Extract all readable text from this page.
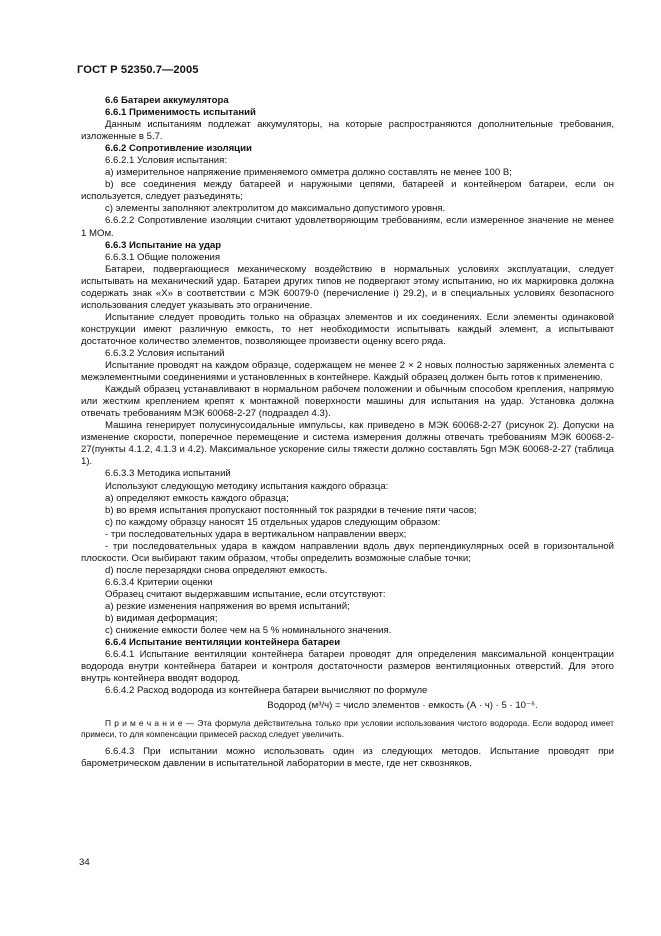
ГОСТ Р 52350.7—2005
6.6 Батареи аккумулятора
6.6.1 Применимость испытаний
Данным испытаниям подлежат аккумуляторы, на которые распространяются дополнительные требования, изложенные в 5.7.
6.6.2 Сопротивление изоляции
6.6.2.1 Условия испытания:
a) измерительное напряжение применяемого омметра должно составлять не менее 100 В;
b) все соединения между батареей и наружными цепями, батареей и контейнером батареи, если он используется, следует разъединять;
c) элементы заполняют электролитом до максимально допустимого уровня.
6.6.2.2 Сопротивление изоляции считают удовлетворяющим требованиям, если измеренное значение не менее 1 МОм.
6.6.3 Испытание на удар
6.6.3.1 Общие положения
Батареи, подвергающиеся механическому воздействию в нормальных условиях эксплуатации, следует испытывать на механический удар. Батареи других типов не подвергают этому испытанию, но их маркировка должна содержать знак «X» в соответствии с МЭК 60079-0 (перечисление i) 29.2), и в специальных условиях безопасного использования следует указывать это ограничение.
Испытание следует проводить только на образцах элементов и их соединениях. Если элементы одинаковой конструкции имеют различную емкость, то нет необходимости испытывать каждый элемент, а испытывают достаточное количество элементов, позволяющее произвести оценку всего ряда.
6.6.3.2 Условия испытаний
Испытание проводят на каждом образце, содержащем не менее 2 × 2 новых полностью заряженных элемента с межэлементными соединениями и установленных в контейнере. Каждый образец должен быть готов к применению.
Каждый образец устанавливают в нормальном рабочем положении и обычным способом крепления, напрямую или жестким креплением крепят к монтажной поверхности машины для испытания на удар. Установка должна отвечать требованиям МЭК 60068-2-27 (подраздел 4.3).
Машина генерирует полусинусоидальные импульсы, как приведено в МЭК 60068-2-27 (рисунок 2). Допуски на изменение скорости, поперечное перемещение и система измерения должны отвечать требованиям МЭК 60068-2-27(пункты 4.1.2, 4.1.3 и 4.2). Максимальное ускорение силы тяжести должно составлять 5gn МЭК 60068-2-27 (таблица 1).
6.6.3.3 Методика испытаний
Используют следующую методику испытания каждого образца:
a) определяют емкость каждого образца;
b) во время испытания пропускают постоянный ток разрядки в течение пяти часов;
c) по каждому образцу наносят 15 отдельных ударов следующим образом:
- три последовательных удара в вертикальном направлении вверх;
- три последовательных удара в каждом направлении вдоль двух перпендикулярных осей в горизонтальной плоскости. Оси выбирают таким образом, чтобы определить возможные слабые точки;
d) после перезарядки снова определяют емкость.
6.6.3.4 Критерии оценки
Образец считают выдержавшим испытание, если отсутствуют:
a) резкие изменения напряжения во время испытаний;
b) видимая деформация;
c) снижение емкости более чем на 5 % номинального значения.
6.6.4 Испытание вентиляции контейнера батареи
6.6.4.1 Испытание вентиляции контейнера батареи проводят для определения максимальной концентрации водорода внутри контейнера батареи и контроля достаточности размеров вентиляционных отверстий. Для этого внутрь контейнера вводят водород.
6.6.4.2 Расход водорода из контейнера батареи вычисляют по формуле
Водород (м³/ч) = число элементов · емкость (А · ч) · 5 · 10⁻⁶.
П р и м е ч а н и е — Эта формула действительна только при условии использования чистого водорода. Если водород имеет примеси, то для компенсации примесей расход следует увеличить.
6.6.4.3 При испытании можно использовать один из следующих методов. Испытание проводят при барометрическом давлении в испытательной лаборатории в месте, где нет сквозняков.
34
